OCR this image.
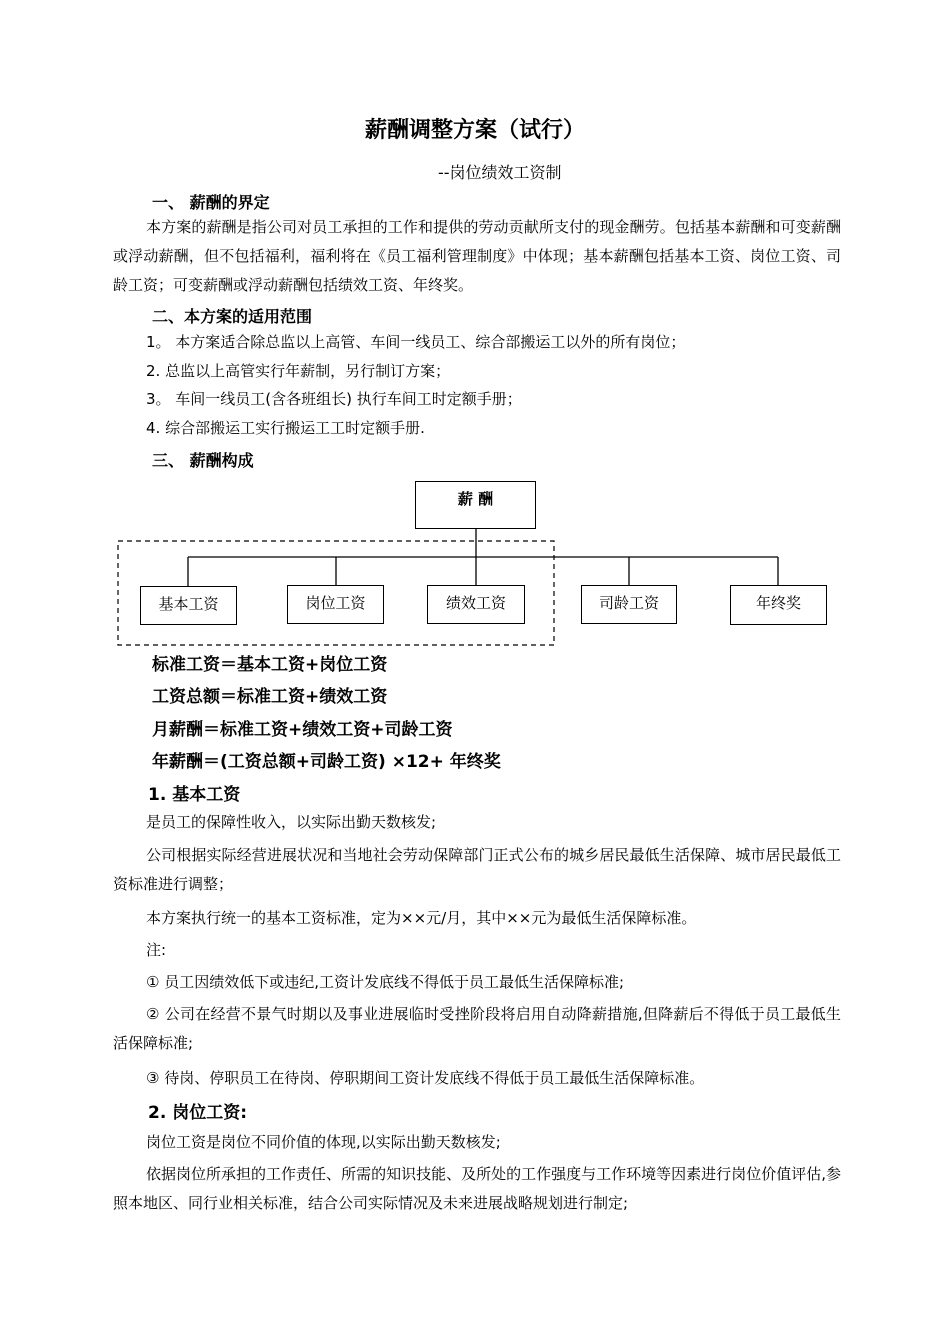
薪酬调整方案（试行）
--岗位绩效工资制
一、 薪酬的界定
本方案的薪酬是指公司对员工承担的工作和提供的劳动贡献所支付的现金酬劳。包括基本薪酬和可变薪酬或浮动薪酬，但不包括福利，福利将在《员工福利管理制度》中体现；基本薪酬包括基本工资、岗位工资、司龄工资；可变薪酬或浮动薪酬包括绩效工资、年终奖。
二、本方案的适用范围
1。 本方案适合除总监以上高管、车间一线员工、综合部搬运工以外的所有岗位；
2. 总监以上高管实行年薪制，另行制订方案；
3。 车间一线员工(含各班组长) 执行车间工时定额手册；
4. 综合部搬运工实行搬运工工时定额手册.
三、 薪酬构成
薪 酬
基本工资	岗位工资	绩效工资	司龄工资	年终奖
标准工资＝基本工资+岗位工资
工资总额＝标准工资+绩效工资
月薪酬＝标准工资+绩效工资+司龄工资
年薪酬＝(工资总额+司龄工资) ×12+ 年终奖
1. 基本工资
是员工的保障性收入，以实际出勤天数核发;
公司根据实际经营进展状况和当地社会劳动保障部门正式公布的城乡居民最低生活保障、城市居民最低工资标准进行调整；
本方案执行统一的基本工资标准，定为××元/月，其中××元为最低生活保障标准。
注:
① 员工因绩效低下或违纪,工资计发底线不得低于员工最低生活保障标准;
② 公司在经营不景气时期以及事业进展临时受挫阶段将启用自动降薪措施,但降薪后不得低于员工最低生活保障标准;
③ 待岗、停职员工在待岗、停职期间工资计发底线不得低于员工最低生活保障标准。
2. 岗位工资:
岗位工资是岗位不同价值的体现,以实际出勤天数核发;
依据岗位所承担的工作责任、所需的知识技能、及所处的工作强度与工作环境等因素进行岗位价值评估,参照本地区、同行业相关标准，结合公司实际情况及未来进展战略规划进行制定;
